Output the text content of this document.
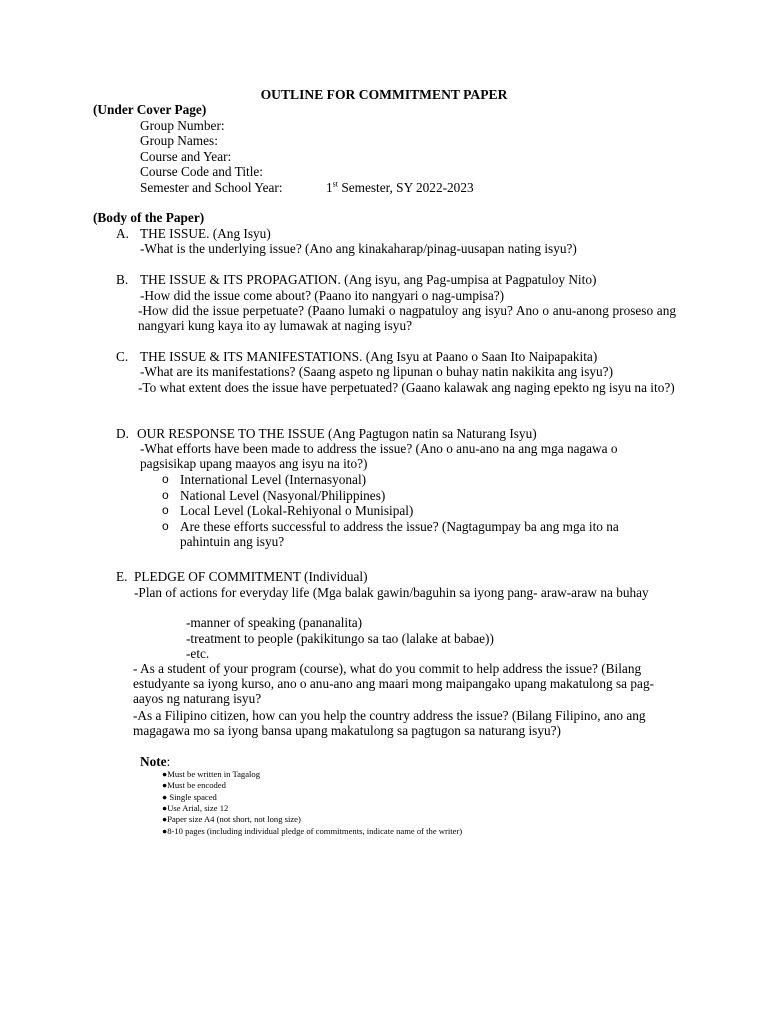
OUTLINE FOR COMMITMENT PAPER
(Under Cover Page)
Group Number:
Group Names:
Course and Year:
Course Code and Title:
Semester and School Year:	1st Semester, SY 2022-2023
(Body of the Paper)
A. THE ISSUE. (Ang Isyu)
-What is the underlying issue? (Ano ang kinakaharap/pinag-uusapan nating isyu?)
B. THE ISSUE & ITS PROPAGATION. (Ang isyu, ang Pag-umpisa at Pagpatuloy Nito)
-How did the issue come about? (Paano ito nangyari o nag-umpisa?)
-How did the issue perpetuate? (Paano lumaki o nagpatuloy ang isyu? Ano o anu-anong proseso ang nangyari kung kaya ito ay lumawak at naging isyu?
C. THE ISSUE & ITS MANIFESTATIONS. (Ang Isyu at Paano o Saan Ito Naipapakita)
-What are its manifestations? (Saang aspeto ng lipunan o buhay natin nakikita ang isyu?)
-To what extent does the issue have perpetuated? (Gaano kalawak ang naging epekto ng isyu na ito?)
D. OUR RESPONSE TO THE ISSUE (Ang Pagtugon natin sa Naturang Isyu)
-What efforts have been made to address the issue? (Ano o anu-ano na ang mga nagawa o pagsisikap upang maayos ang isyu na ito?)
o International Level (Internasyonal)
o National Level (Nasyonal/Philippines)
o Local Level (Lokal-Rehiyonal o Munisipal)
o Are these efforts successful to address the issue? (Nagtagumpay ba ang mga ito na pahintuin ang isyu?
E. PLEDGE OF COMMITMENT (Individual)
-Plan of actions for everyday life (Mga balak gawin/baguhin sa iyong pang- araw-araw na buhay
-manner of speaking (pananalita)
-treatment to people (pakikitungo sa tao (lalake at babae))
-etc.
- As a student of your program (course), what do you commit to help address the issue? (Bilang estudyante sa iyong kurso, ano o anu-ano ang maari mong maipangako upang makatulong sa pag-aayos ng naturang isyu?
-As a Filipino citizen, how can you help the country address the issue? (Bilang Filipino, ano ang magagawa mo sa iyong bansa upang makatulong sa pagtugon sa naturang isyu?)
Note:
●Must be written in Tagalog
●Must be encoded
● Single spaced
●Use Arial, size 12
●Paper size A4 (not short, not long size)
●8-10 pages (including individual pledge of commitments, indicate name of the writer)
